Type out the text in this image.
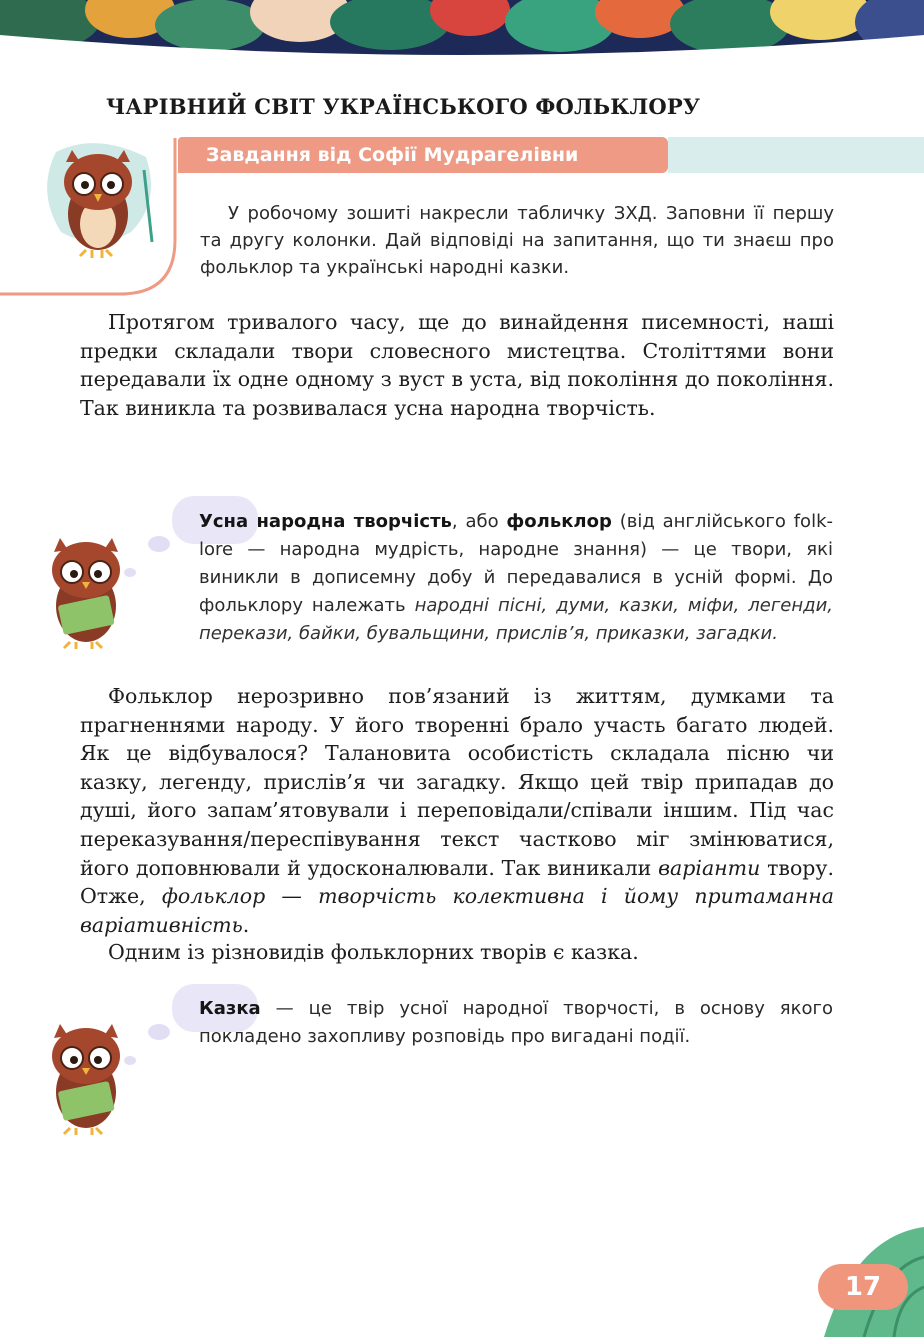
ЧАРІВНИЙ СВІТ УКРАЇНСЬКОГО ФОЛЬКЛОРУ
Завдання від Софії Мудрагелівни
У робочому зошиті накресли табличку ЗХД. Заповни її першу та другу колонки. Дай відповіді на запитання, що ти знаєш про фольклор та українські народні казки.
Протягом тривалого часу, ще до винайдення писемності, наші предки складали твори словесного мистецтва. Століттями вони передавали їх одне одному з вуст в уста, від покоління до покоління. Так виникла та розвивалася усна народна творчість.
Усна народна творчість, або фольклор (від англійського folk-lore — народна мудрість, народне знання) — це твори, які виникли в дописемну добу й передавалися в усній формі. До фольклору належать народні пісні, думи, казки, міфи, легенди, перекази, байки, бувальщини, прислів’я, приказки, загадки.
Фольклор нерозривно пов’язаний із життям, думками та прагненнями народу. У його творенні брало участь багато людей. Як це відбувалося? Талановита особистість складала пісню чи казку, легенду, прислів’я чи загадку. Якщо цей твір припадав до душі, його запам’ятовували і переповідали/співали іншим. Під час переказування/переспівування текст частково міг змінюватися, його доповнювали й удосконалювали. Так виникали варіанти твору. Отже, фольклор — творчість колективна і йому притаманна варіативність.
Одним із різновидів фольклорних творів є казка.
Казка — це твір усної народної творчості, в основу якого покладено захопливу розповідь про вигадані події.
17
